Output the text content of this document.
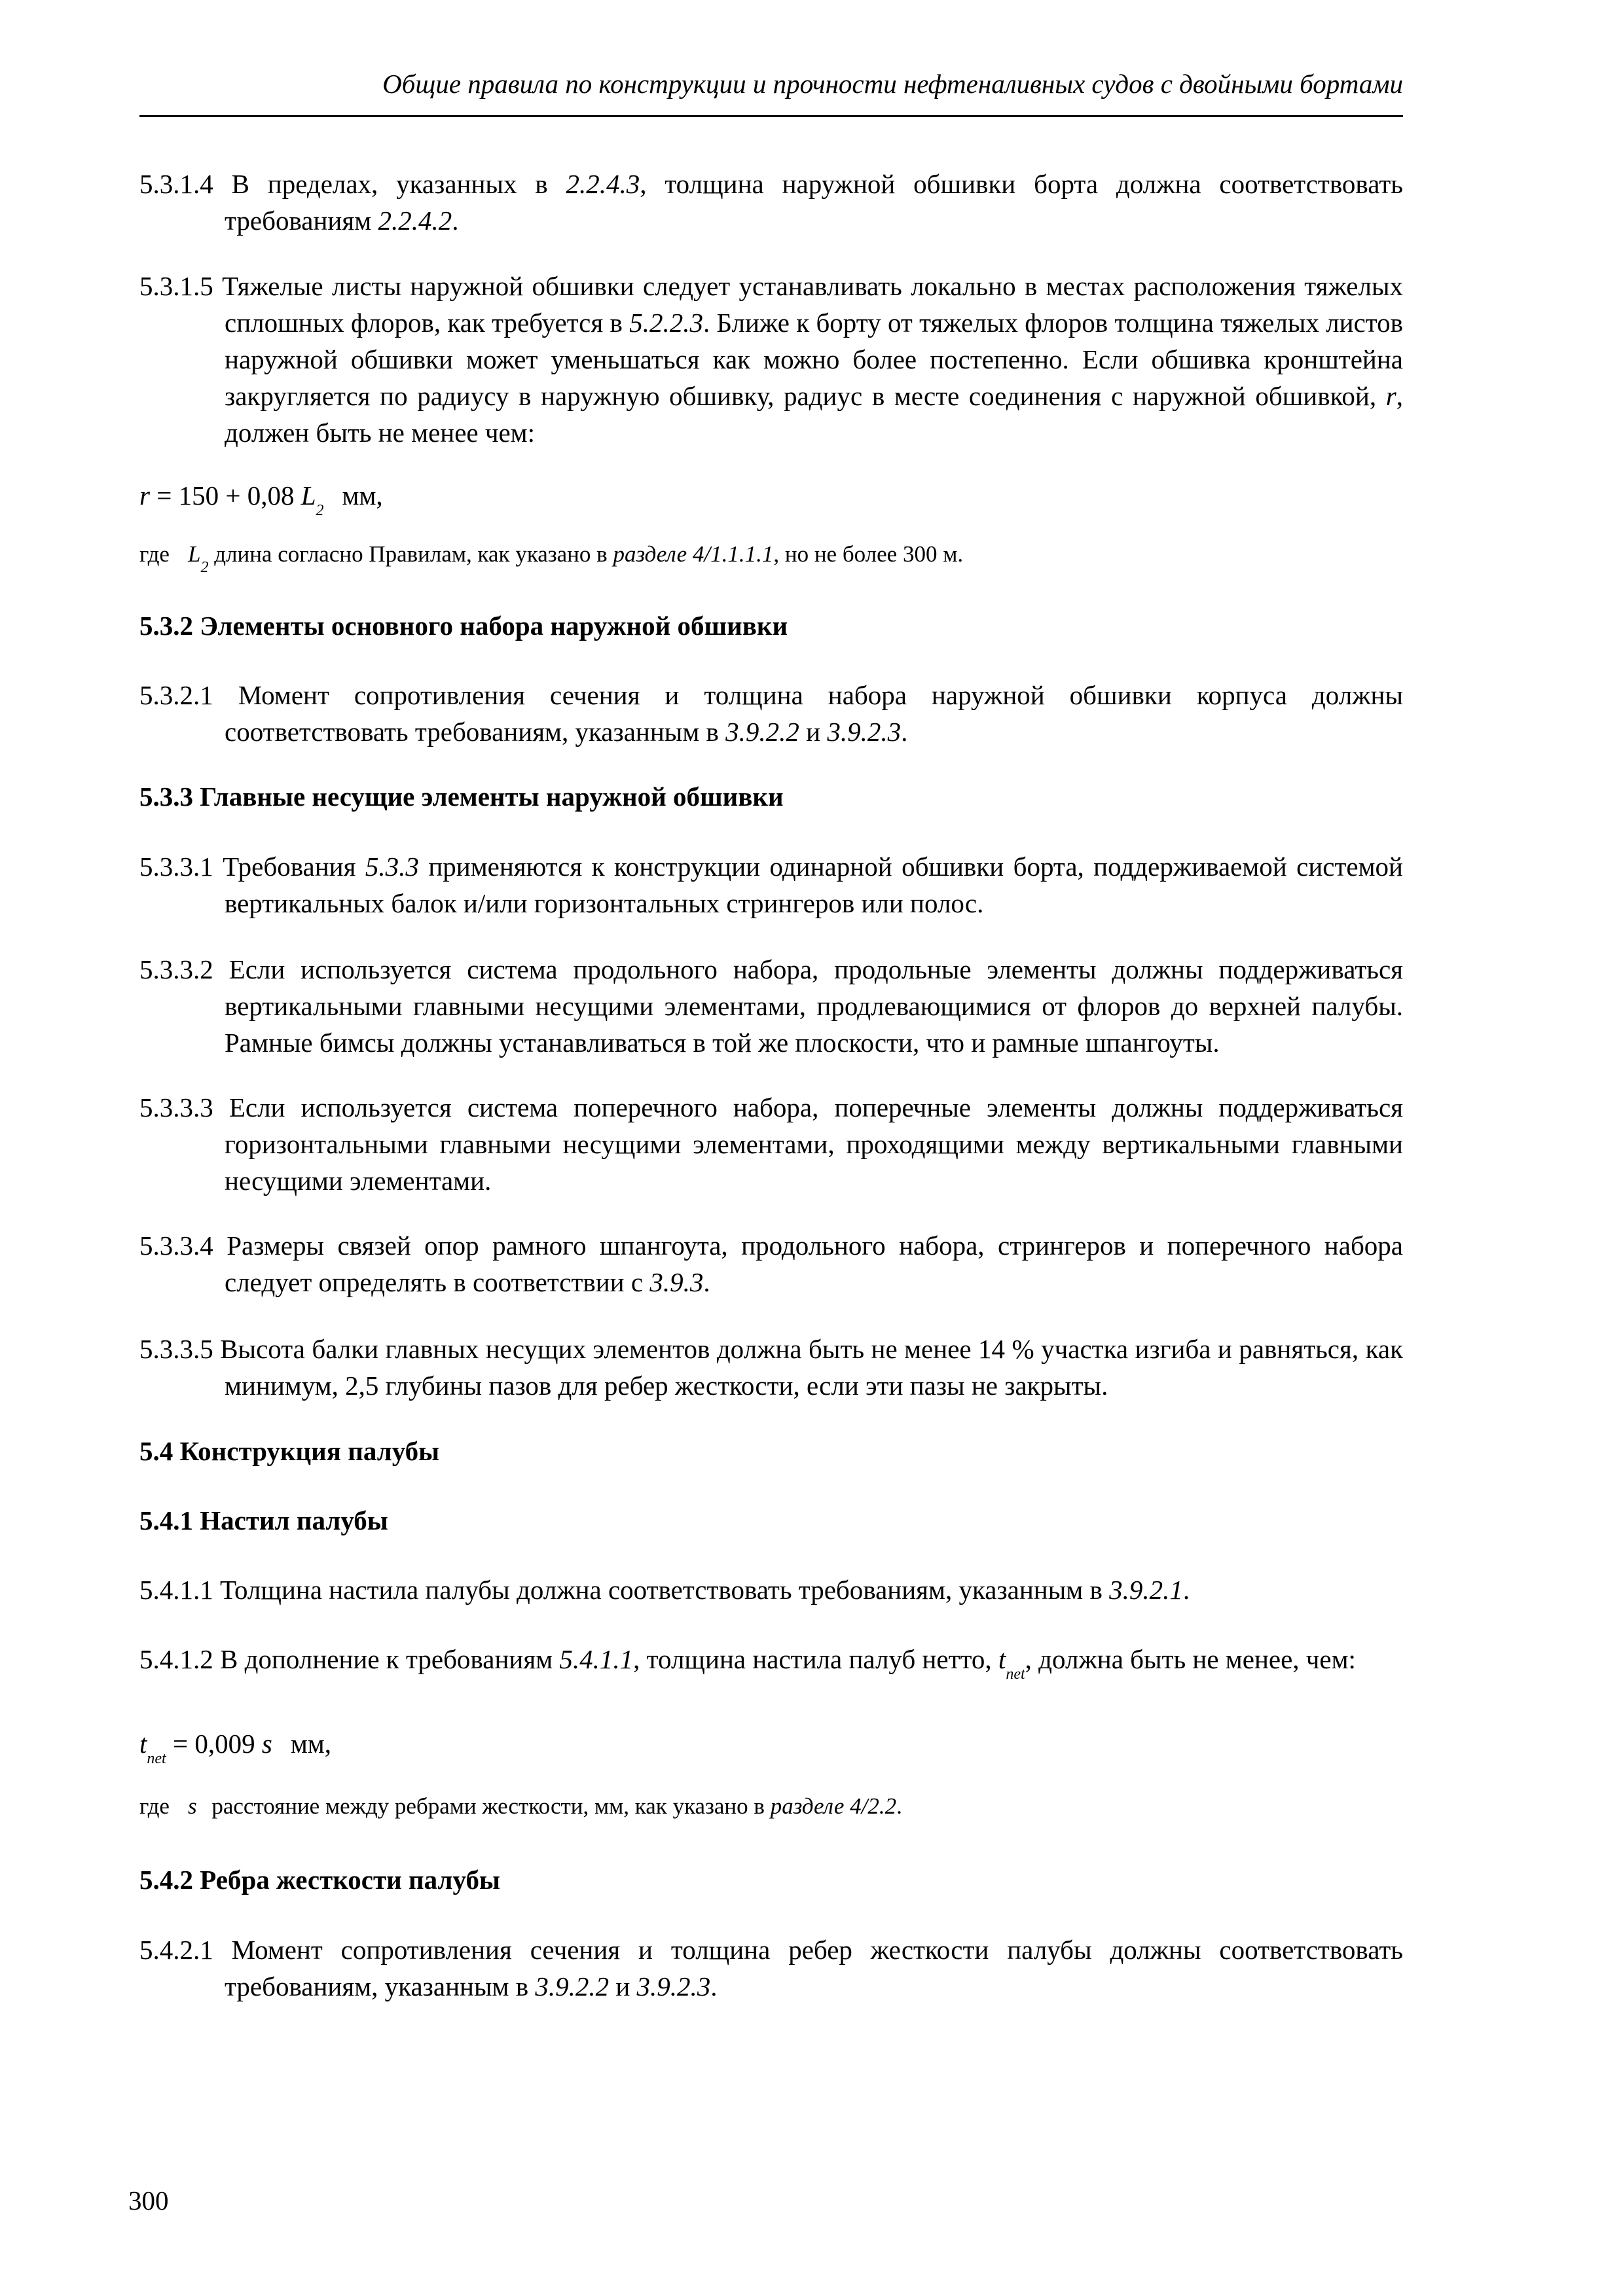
Общие правила по конструкции и прочности нефтеналивных судов с двойными бортами
5.3.1.4 В пределах, указанных в 2.2.4.3, толщина наружной обшивки борта должна соответствовать требованиям 2.2.4.2.
5.3.1.5 Тяжелые листы наружной обшивки следует устанавливать локально в местах расположения тяжелых сплошных флоров, как требуется в 5.2.2.3. Ближе к борту от тяжелых флоров толщина тяжелых листов наружной обшивки может уменьшаться как можно более постепенно. Если обшивка кронштейна закругляется по радиусу в наружную обшивку, радиус в месте соединения с наружной обшивкой, r, должен быть не менее чем:
r = 150 + 0,08 $L_2$ мм,
где $L_2$ длина согласно Правилам, как указано в разделе 4/1.1.1.1, но не более 300 м.
5.3.2 Элементы основного набора наружной обшивки
5.3.2.1 Момент сопротивления сечения и толщина набора наружной обшивки корпуса должны соответствовать требованиям, указанным в 3.9.2.2 и 3.9.2.3.
5.3.3 Главные несущие элементы наружной обшивки
5.3.3.1 Требования 5.3.3 применяются к конструкции одинарной обшивки борта, поддерживаемой системой вертикальных балок и/или горизонтальных стрингеров или полос.
5.3.3.2 Если используется система продольного набора, продольные элементы должны поддерживаться вертикальными главными несущими элементами, продлевающимися от флоров до верхней палубы. Рамные бимсы должны устанавливаться в той же плоскости, что и рамные шпангоуты.
5.3.3.3 Если используется система поперечного набора, поперечные элементы должны поддерживаться горизонтальными главными несущими элементами, проходящими между вертикальными главными несущими элементами.
5.3.3.4 Размеры связей опор рамного шпангоута, продольного набора, стрингеров и поперечного набора следует определять в соответствии с 3.9.3.
5.3.3.5 Высота балки главных несущих элементов должна быть не менее 14 % участка изгиба и равняться, как минимум, 2,5 глубины пазов для ребер жесткости, если эти пазы не закрыты.
5.4 Конструкция палубы
5.4.1 Настил палубы
5.4.1.1 Толщина настила палубы должна соответствовать требованиям, указанным в 3.9.2.1.
5.4.1.2 В дополнение к требованиям 5.4.1.1, толщина настила палуб нетто, $t_{net}$, должна быть не менее, чем:
$t_{net} = 0,009$ s мм,
где s расстояние между ребрами жесткости, мм, как указано в разделе 4/2.2.
5.4.2 Ребра жесткости палубы
5.4.2.1 Момент сопротивления сечения и толщина ребер жесткости палубы должны соответствовать требованиям, указанным в 3.9.2.2 и 3.9.2.3.
300
